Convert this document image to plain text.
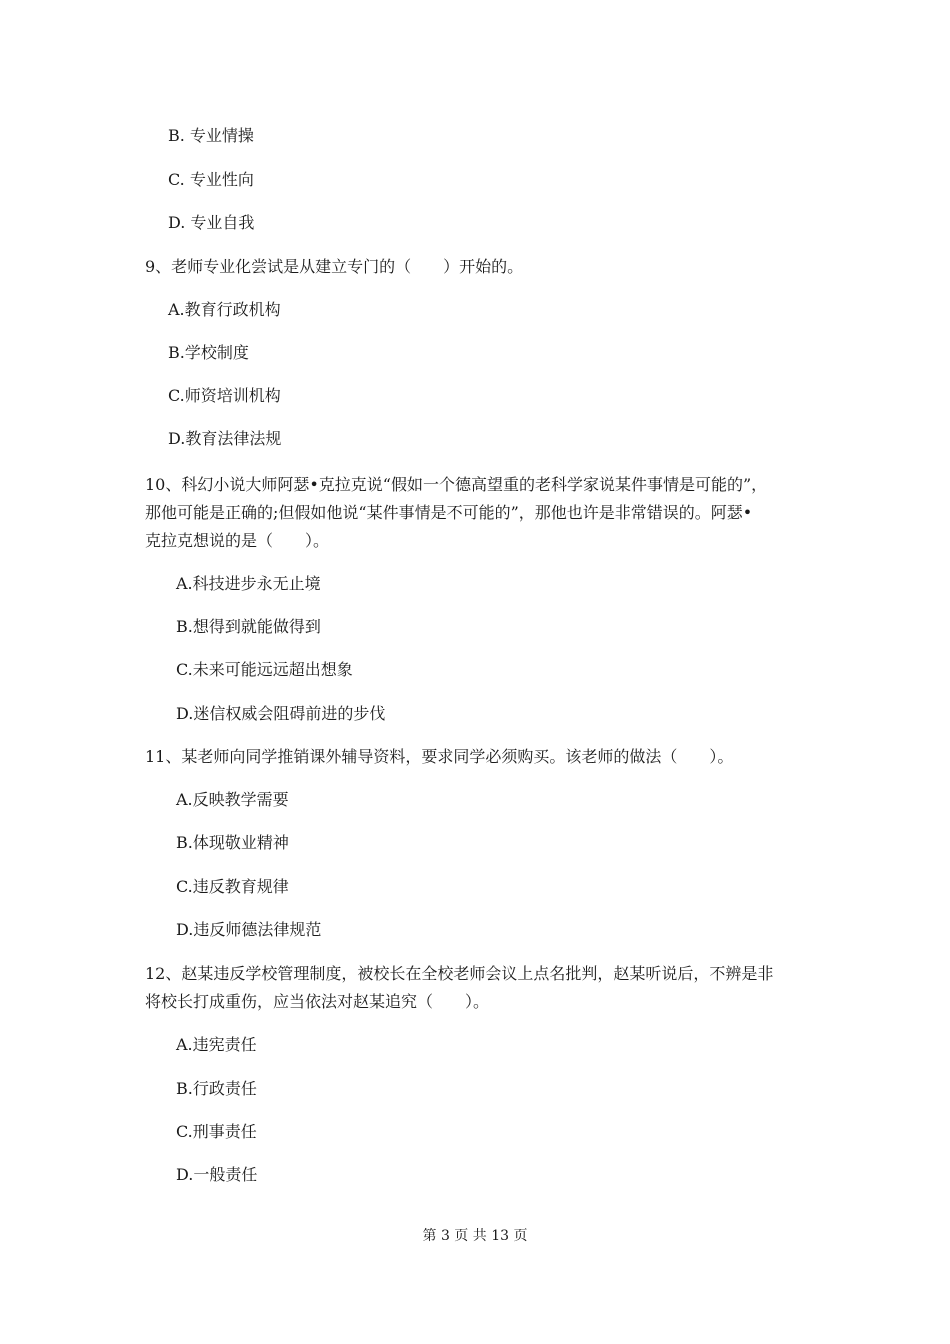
B. 专业情操
C. 专业性向
D. 专业自我
9、老师专业化尝试是从建立专门的（　　）开始的。
A.教育行政机构
B.学校制度
C.师资培训机构
D.教育法律法规
10、科幻小说大师阿瑟•克拉克说“假如一个德高望重的老科学家说某件事情是可能的”，
那他可能是正确的;但假如他说“某件事情是不可能的”，那他也许是非常错误的。阿瑟•
克拉克想说的是（　　）。
A.科技进步永无止境
B.想得到就能做得到
C.未来可能远远超出想象
D.迷信权威会阻碍前进的步伐
11、某老师向同学推销课外辅导资料，要求同学必须购买。该老师的做法（　　）。
A.反映教学需要
B.体现敬业精神
C.违反教育规律
D.违反师德法律规范
12、赵某违反学校管理制度，被校长在全校老师会议上点名批判，赵某听说后，不辨是非
将校长打成重伤，应当依法对赵某追究（　　）。
A.违宪责任
B.行政责任
C.刑事责任
D.一般责任
第 3 页 共 13 页
